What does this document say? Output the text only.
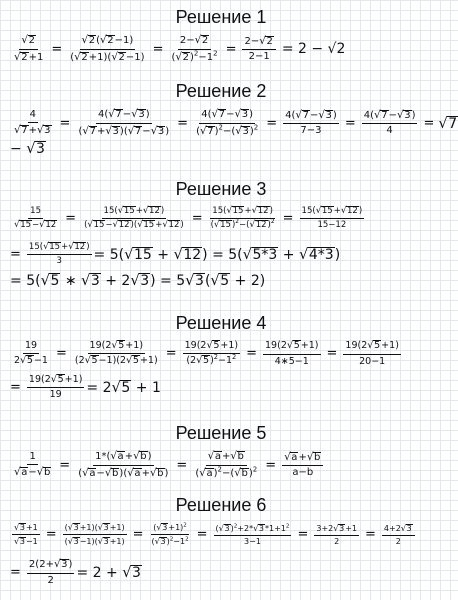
Решение 1
$\frac{√ 2}{√ 2 +1} = \frac{√ 2 ( √ 2 -1)}{( √ 2 +1)( √ 2 -1)} = \frac{2- √ 2}{( √ 2 )^2-1^2} = \frac{2- √ 2}{2-1} = 2 - √2$
Решение 2
$\frac{4}{√ 7 + √ 3} = \frac{4( √ 7 - √ 3 )}{( √ 7 + √ 3 )( √ 7 - √ 3 )} = \frac{4( √ 7 - √ 3 )}{( √ 7 )^2-( √ 3 )^2} = \frac{4( √ 7 - √ 3 )}{7-3} = \frac{4( √ 7 - √ 3 )}{4}$ = √ 7
− √ 3
Решение 3
$\frac{15}{√ 15 - √ 12} = \frac{15( √ 15 + √ 12 )}{( √ 15 - √ 12 )( √ 15 + √ 12 )} = \frac{15( √ 15 + √ 12 )}{( √ 15 )^2-( √ 12 )^2} = \frac{15( √ 15 + √ 12 )}{15-12}$
= $\frac{15( √ 15 + √ 12 )}{3} = 5$( √ 15 + √ 12 ) = 5( √ 5*3 + √ 4*3 )
= 5( √ 5 ∗ √ 3 + 2 √ 3 ) = 5 √ 3 ( √ 5 + 2)
Решение 4
$\frac{19}{2 √ 5 -1} = \frac{19(2 √ 5 +1)}{(2 √ 5 -1)(2 √ 5 +1)} = \frac{19(2 √ 5 +1)}{(2 √ 5 )^2-1^2} = \frac{19(2 √ 5 +1)}{4∗5-1} = \frac{19(2 √ 5 +1)}{20-1}$
= $\frac{19(2 √ 5 +1)}{19} = 2$ √ 5 + 1
Решение 5
$\frac{1}{√ a - √ b} = \frac{1*( √ a + √ b )}{( √ a - √ b )( √ a + √ b )} = \frac{√ a + √ b}{( √ a )^2-( √ b )^2} = \frac{√ a + √ b}{a-b}$
Решение 6
$\frac{√ 3 +1}{√ 3 -1} = \frac{( √ 3 +1)( √ 3 +1)}{( √ 3 -1)( √ 3 +1)} = \frac{( √ 3 +1)^2}{( √ 3 )^2-1^2} = \frac{( √ 3 )^2+2* √ 3 *1+1^2}{3-1} = \frac{3+2 √ 3 +1}{2} = \frac{4+2 √ 3}{2}$
= $\frac{2(2+ √ 3 )}{2} = 2$ + √ 3
